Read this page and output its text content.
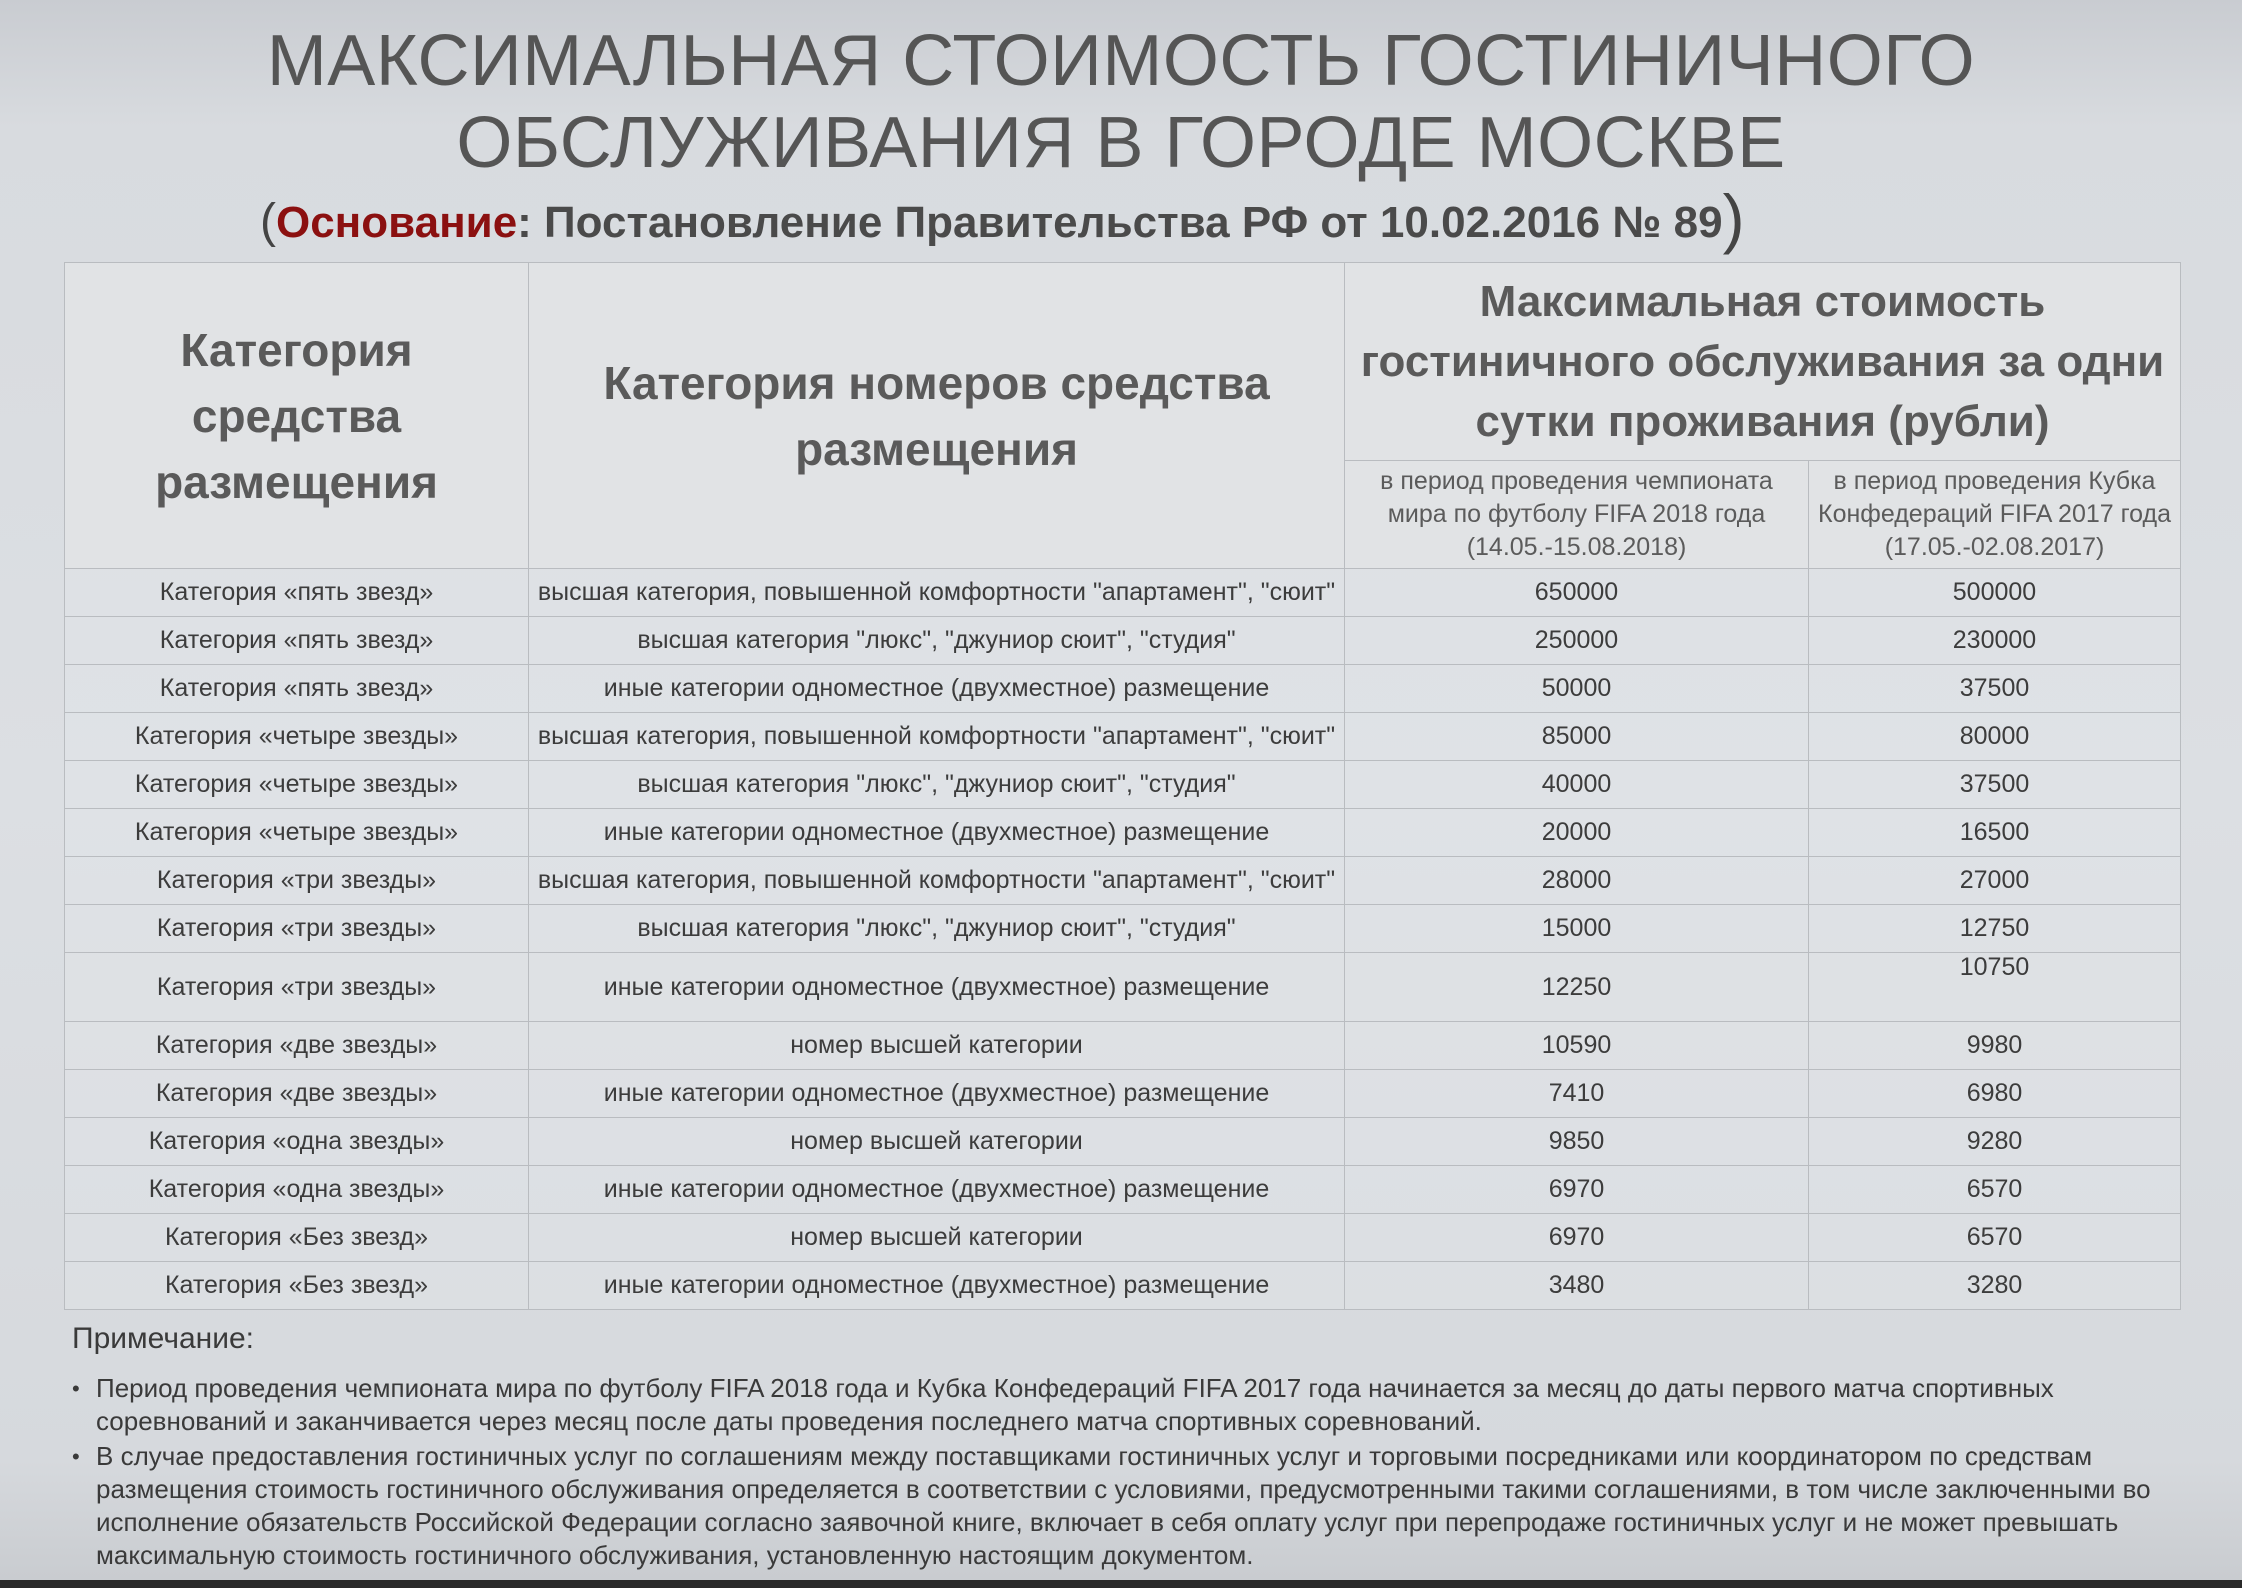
МАКСИМАЛЬНАЯ СТОИМОСТЬ ГОСТИНИЧНОГО
ОБСЛУЖИВАНИЯ В ГОРОДЕ МОСКВЕ
(Основание: Постановление Правительства РФ от 10.02.2016 № 89)
Категория средства размещения	Категория номеров средства размещения	Максимальная стоимость гостиничного обслуживания за одни сутки проживания (рубли)	
		в период проведения чемпионата мира по футболу FIFA 2018 года (14.05.-15.08.2018)	в период проведения Кубка Конфедераций FIFA 2017 года (17.05.-02.08.2017)
Категория «пять звезд»	высшая категория, повышенной комфортности "апартамент", "сюит"	650000	500000
Категория «пять звезд»	высшая категория "люкс", "джуниор сюит", "студия"	250000	230000
Категория «пять звезд»	иные категории одноместное (двухместное) размещение	50000	37500
Категория «четыре звезды»	высшая категория, повышенной комфортности "апартамент", "сюит"	85000	80000
Категория «четыре звезды»	высшая категория "люкс", "джуниор сюит", "студия"	40000	37500
Категория «четыре звезды»	иные категории одноместное (двухместное) размещение	20000	16500
Категория «три звезды»	высшая категория, повышенной комфортности "апартамент", "сюит"	28000	27000
Категория «три звезды»	высшая категория "люкс", "джуниор сюит", "студия"	15000	12750
Категория «три звезды»	иные категории одноместное (двухместное) размещение	12250	10750
Категория «две звезды»	номер высшей категории	10590	9980
Категория «две звезды»	иные категории одноместное (двухместное) размещение	7410	6980
Категория «одна звезды»	номер высшей категории	9850	9280
Категория «одна звезды»	иные категории одноместное (двухместное) размещение	6970	6570
Категория «Без звезд»	номер высшей категории	6970	6570
Категория «Без звезд»	иные категории одноместное (двухместное) размещение	3480	3280
Примечание:
• Период проведения чемпионата мира по футболу FIFA 2018 года и Кубка Конфедераций FIFA 2017 года начинается за месяц до даты первого матча спортивных соревнований и заканчивается через месяц после даты проведения последнего матча спортивных соревнований.
• В случае предоставления гостиничных услуг по соглашениям между поставщиками гостиничных услуг и торговыми посредниками или координатором по средствам размещения стоимость гостиничного обслуживания определяется в соответствии с условиями, предусмотренными такими соглашениями, в том числе заключенными во исполнение обязательств Российской Федерации согласно заявочной книге, включает в себя оплату услуг при перепродаже гостиничных услуг и не может превышать максимальную стоимость гостиничного обслуживания, установленную настоящим документом.
